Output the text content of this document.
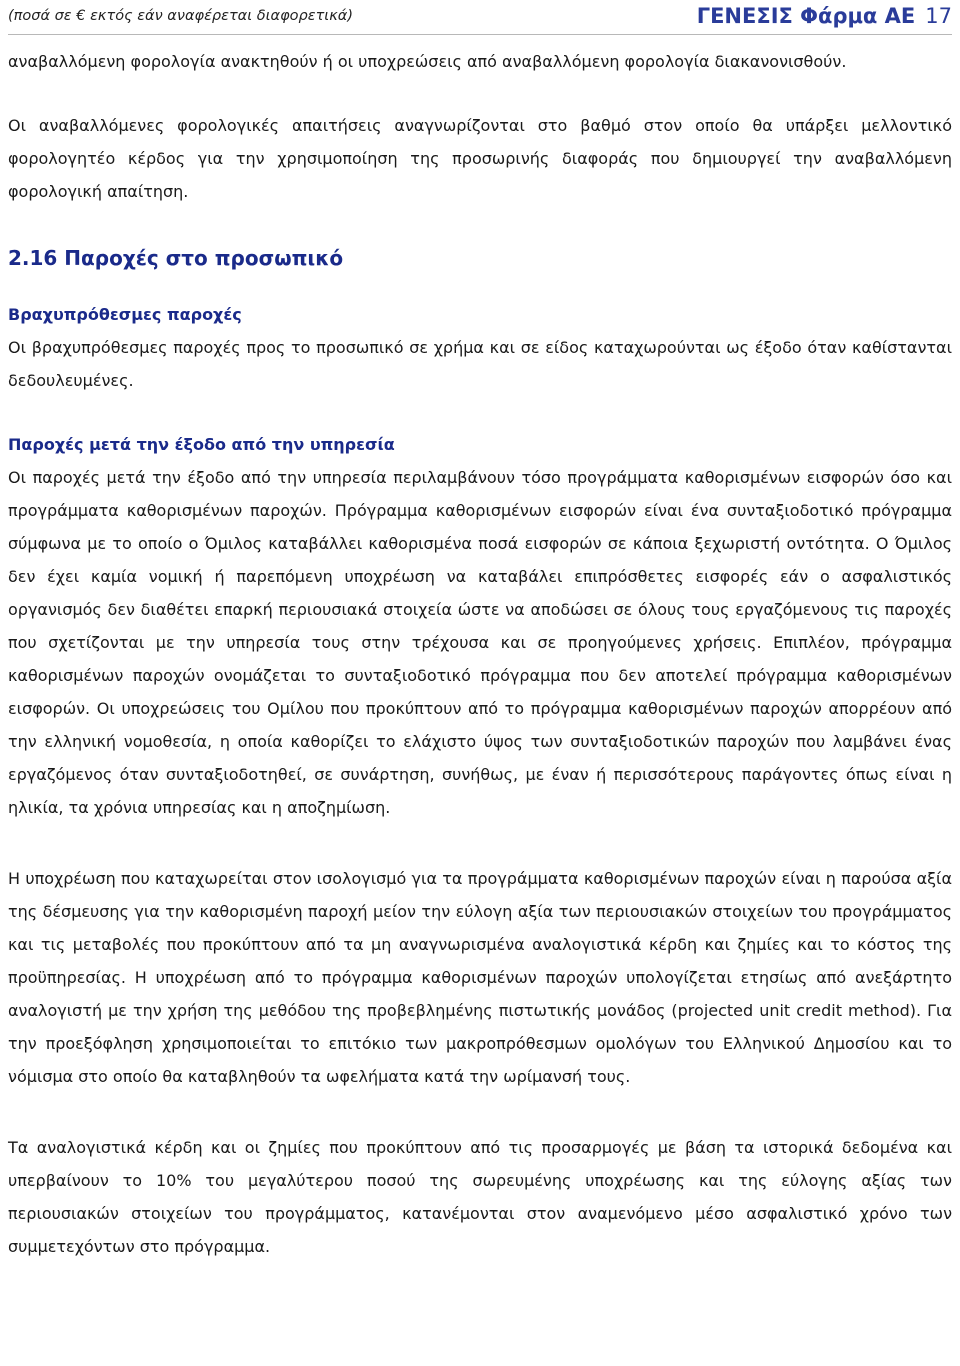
(ποσά σε € εκτός εάν αναφέρεται διαφορετικά)	ΓΕΝΕΣΙΣ Φάρμα ΑΕ 17

αναβαλλόμενη φορολογία ανακτηθούν ή οι υποχρεώσεις από αναβαλλόμενη φορολογία διακανονισθούν.

Οι αναβαλλόμενες φορολογικές απαιτήσεις αναγνωρίζονται στο βαθμό στον οποίο θα υπάρξει μελλοντικό φορολογητέο κέρδος για την χρησιμοποίηση της προσωρινής διαφοράς που δημιουργεί την αναβαλλόμενη φορολογική απαίτηση.

2.16 Παροχές στο προσωπικό
Βραχυπρόθεσμες παροχές

Οι βραχυπρόθεσμες παροχές προς το προσωπικό σε χρήμα και σε είδος καταχωρούνται ως έξοδο όταν καθίστανται δεδουλευμένες.

Παροχές μετά την έξοδο από την υπηρεσία

Οι παροχές μετά την έξοδο από την υπηρεσία περιλαμβάνουν τόσο προγράμματα καθορισμένων εισφορών όσο και προγράμματα καθορισμένων παροχών. Πρόγραμμα καθορισμένων εισφορών είναι ένα συνταξιοδοτικό πρόγραμμα σύμφωνα με το οποίο ο Όμιλος καταβάλλει καθορισμένα ποσά εισφορών σε κάποια ξεχωριστή οντότητα. Ο Όμιλος δεν έχει καμία νομική ή παρεπόμενη υποχρέωση να καταβάλει επιπρόσθετες εισφορές εάν ο ασφαλιστικός οργανισμός δεν διαθέτει επαρκή περιουσιακά στοιχεία ώστε να αποδώσει σε όλους τους εργαζόμενους τις παροχές που σχετίζονται με την υπηρεσία τους στην τρέχουσα και σε προηγούμενες χρήσεις. Επιπλέον, πρόγραμμα καθορισμένων παροχών ονομάζεται το συνταξιοδοτικό πρόγραμμα που δεν αποτελεί πρόγραμμα καθορισμένων εισφορών. Οι υποχρεώσεις του Ομίλου που προκύπτουν από το πρόγραμμα καθορισμένων παροχών απορρέουν από την ελληνική νομοθεσία, η οποία καθορίζει το ελάχιστο ύψος των συνταξιοδοτικών παροχών που λαμβάνει ένας εργαζόμενος όταν συνταξιοδοτηθεί, σε συνάρτηση, συνήθως, με έναν ή περισσότερους παράγοντες όπως είναι η ηλικία, τα χρόνια υπηρεσίας και η αποζημίωση.

Η υποχρέωση που καταχωρείται στον ισολογισμό για τα προγράμματα καθορισμένων παροχών είναι η παρούσα αξία της δέσμευσης για την καθορισμένη παροχή μείον την εύλογη αξία των περιουσιακών στοιχείων του προγράμματος και τις μεταβολές που προκύπτουν από τα μη αναγνωρισμένα αναλογιστικά κέρδη και ζημίες και το κόστος της προϋπηρεσίας. Η υποχρέωση από το πρόγραμμα καθορισμένων παροχών υπολογίζεται ετησίως από ανεξάρτητο αναλογιστή με την χρήση της μεθόδου της προβεβλημένης πιστωτικής μονάδος (projected unit credit method). Για την προεξόφληση χρησιμοποιείται το επιτόκιο των μακροπρόθεσμων ομολόγων του Ελληνικού Δημοσίου και το νόμισμα στο οποίο θα καταβληθούν τα ωφελήματα κατά την ωρίμανσή τους.

Τα αναλογιστικά κέρδη και οι ζημίες που προκύπτουν από τις προσαρμογές με βάση τα ιστορικά δεδομένα και υπερβαίνουν το 10% του μεγαλύτερου ποσού της σωρευμένης υποχρέωσης και της εύλογης αξίας των περιουσιακών στοιχείων του προγράμματος, κατανέμονται στον αναμενόμενο μέσο ασφαλιστικό χρόνο των συμμετεχόντων στο πρόγραμμα.
